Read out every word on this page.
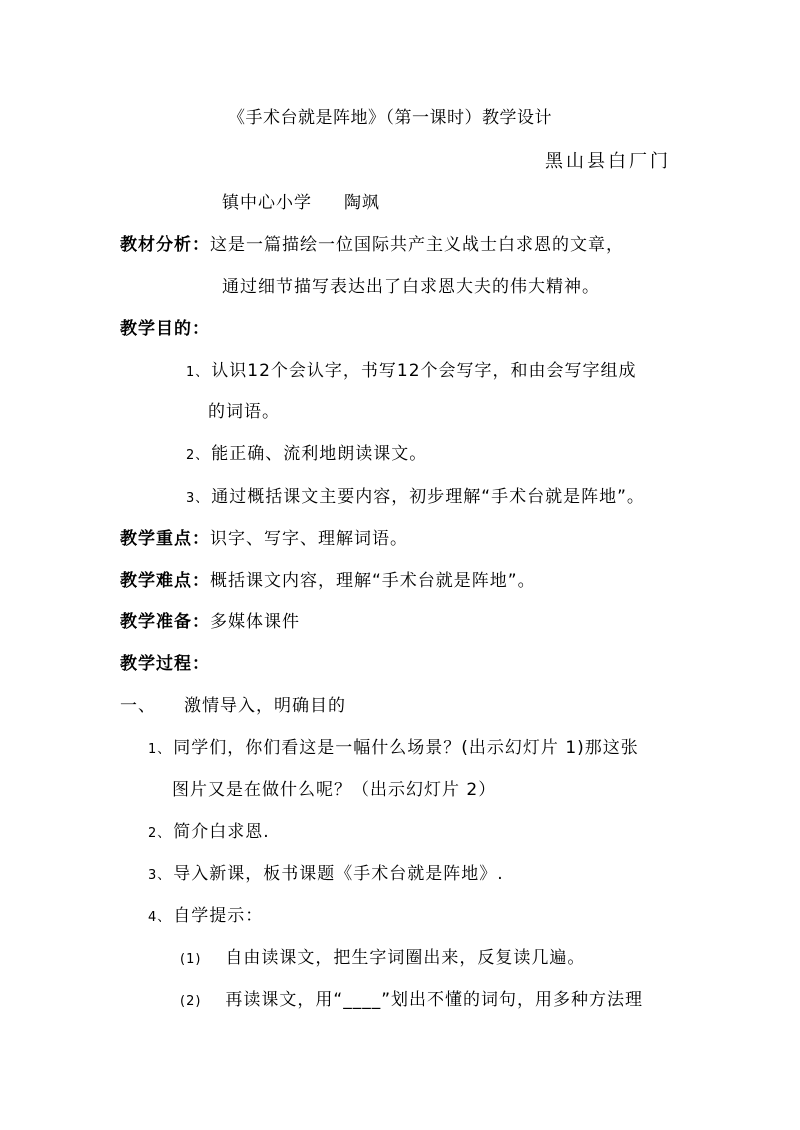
《手术台就是阵地》（第一课时）教学设计
黑山县白厂门
镇中心小学 陶飒
教材分析：这是一篇描绘一位国际共产主义战士白求恩的文章，
通过细节描写表达出了白求恩大夫的伟大精神。
教学目的：
1、 认识12个会认字，书写12个会写字，和由会写字组成
的词语。
2、 能正确、流利地朗读课文。
3、 通过概括课文主要内容，初步理解“手术台就是阵地”。
教学重点：识字、写字、理解词语。
教学难点：概括课文内容，理解“手术台就是阵地”。
教学准备：多媒体课件
教学过程：
一、 激情导入，明确目的
1、 同学们，你们看这是一幅什么场景？(出示幻灯片 1)那这张
图片又是在做什么呢？（出示幻灯片 2）
2、 简介白求恩.
3、 导入新课，板书课题《手术台就是阵地》.
4、 自学提示：
(1) 自由读课文，把生字词圈出来，反复读几遍。
(2) 再读课文，用“____”划出不懂的词句，用多种方法理
